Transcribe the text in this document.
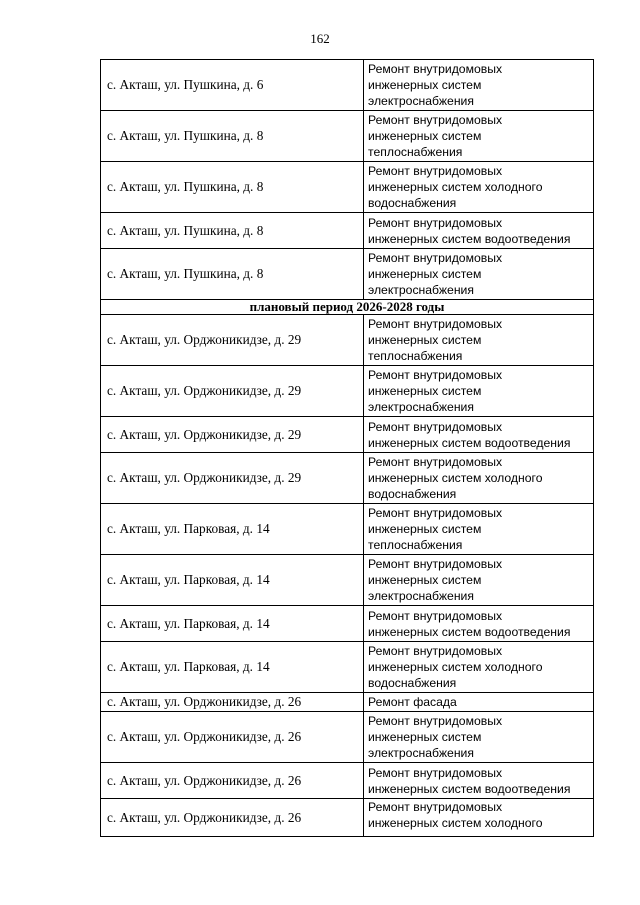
162
с. Акташ, ул. Пушкина, д. 6	Ремонт внутридомовых
инженерных систем
электроснабжения

с. Акташ, ул. Пушкина, д. 8	Ремонт внутридомовых
инженерных систем
теплоснабжения

с. Акташ, ул. Пушкина, д. 8	Ремонт внутридомовых
инженерных систем холодного
водоснабжения

с. Акташ, ул. Пушкина, д. 8	Ремонт внутридомовых
инженерных систем водоотведения

с. Акташ, ул. Пушкина, д. 8	Ремонт внутридомовых
инженерных систем
электроснабжения

плановый период 2026-2028 годы	
с. Акташ, ул. Орджоникидзе, д. 29	Ремонт внутридомовых
инженерных систем
теплоснабжения

с. Акташ, ул. Орджоникидзе, д. 29	Ремонт внутридомовых
инженерных систем
электроснабжения

с. Акташ, ул. Орджоникидзе, д. 29	Ремонт внутридомовых
инженерных систем водоотведения

с. Акташ, ул. Орджоникидзе, д. 29	Ремонт внутридомовых
инженерных систем холодного
водоснабжения

с. Акташ, ул. Парковая, д. 14	Ремонт внутридомовых
инженерных систем
теплоснабжения

с. Акташ, ул. Парковая, д. 14	Ремонт внутридомовых
инженерных систем
электроснабжения

с. Акташ, ул. Парковая, д. 14	Ремонт внутридомовых
инженерных систем водоотведения

с. Акташ, ул. Парковая, д. 14	Ремонт внутридомовых
инженерных систем холодного
водоснабжения

с. Акташ, ул. Орджоникидзе, д. 26	Ремонт фасада

с. Акташ, ул. Орджоникидзе, д. 26	Ремонт внутридомовых
инженерных систем
электроснабжения

с. Акташ, ул. Орджоникидзе, д. 26	Ремонт внутридомовых
инженерных систем водоотведения

с. Акташ, ул. Орджоникидзе, д. 26	Ремонт внутридомовых
инженерных систем холодного
